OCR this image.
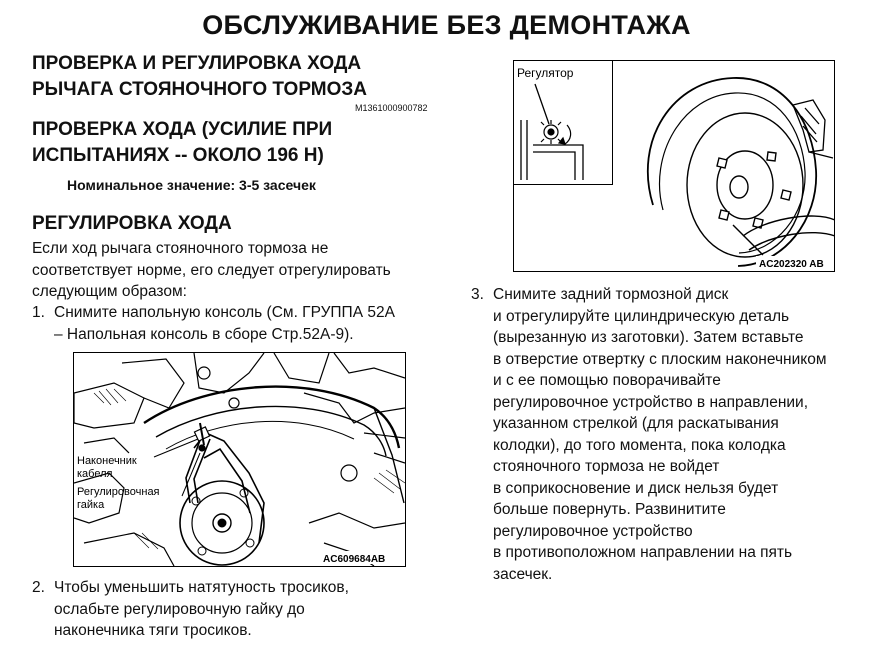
ОБСЛУЖИВАНИЕ БЕЗ ДЕМОНТАЖА
ПРОВЕРКА И РЕГУЛИРОВКА ХОДА
РЫЧАГА СТОЯНОЧНОГО ТОРМОЗА
M1361000900782
ПРОВЕРКА ХОДА (УСИЛИЕ ПРИ
ИСПЫТАНИЯХ -- ОКОЛО 196 Н)
Номинальное значение: 3-5 засечек
РЕГУЛИРОВКА ХОДА
Если ход рычага стояночного тормоза не
соответствует норме, его следует отрегулировать
следующим образом:
1. Снимите напольную консоль (См. ГРУППА 52А
– Напольная консоль в сборе Стр.52А-9).
Наконечник
кабеля
Регулировочная
гайка
AC609684AB
2. Чтобы уменьшить натятуность тросиков,
ослабьте регулировочную гайку до
наконечника тяги тросиков.
Регулятор
AC202320 AB
3. Снимите задний тормозной диск
и отрегулируйте цилиндрическую деталь
(вырезанную из заготовки). Затем вставьте
в отверстие отвертку с плоским наконечником
и с ее помощью поворачивайте
регулировочное устройство в направлении,
указанном стрелкой (для раскатывания
колодки), до того момента, пока колодка
стояночного тормоза не войдет
в соприкосновение и диск нельзя будет
больше повернуть. Развинитите
регулировочное устройство
в противоположном направлении на пять
засечек.
